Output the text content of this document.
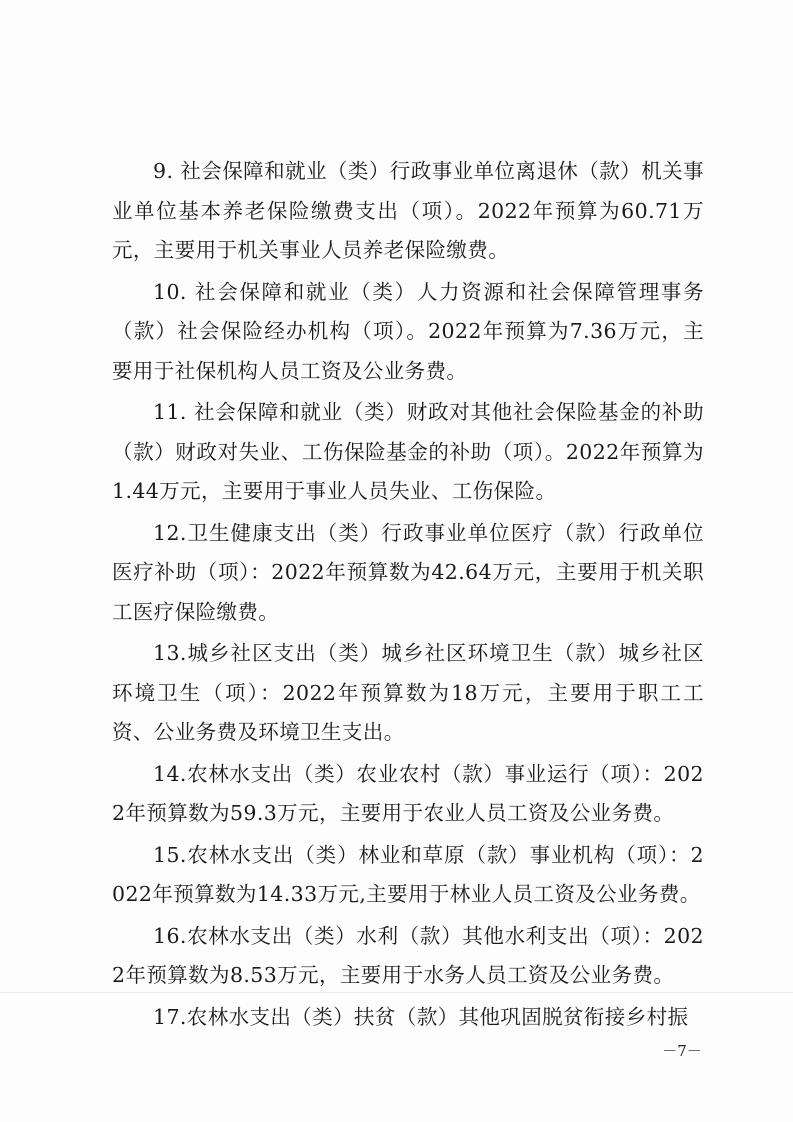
9. 社会保障和就业（类）行政事业单位离退休（款）机关事业单位基本养老保险缴费支出（项）。2022年预算为60.71万元，主要用于机关事业人员养老保险缴费。

10. 社会保障和就业（类）人力资源和社会保障管理事务（款）社会保险经办机构（项）。2022年预算为7.36万元，主要用于社保机构人员工资及公业务费。

11. 社会保障和就业（类）财政对其他社会保险基金的补助（款）财政对失业、工伤保险基金的补助（项）。2022年预算为1.44万元，主要用于事业人员失业、工伤保险。

12.卫生健康支出（类）行政事业单位医疗（款）行政单位医疗补助（项）：2022年预算数为42.64万元，主要用于机关职工医疗保险缴费。

13.城乡社区支出（类）城乡社区环境卫生（款）城乡社区环境卫生（项）：2022年预算数为18万元，主要用于职工工资、公业务费及环境卫生支出。

14.农林水支出（类）农业农村（款）事业运行（项）：2022年预算数为59.3万元，主要用于农业人员工资及公业务费。

15.农林水支出（类）林业和草原（款）事业机构（项）：2022年预算数为14.33万元,主要用于林业人员工资及公业务费。

16.农林水支出（类）水利（款）其他水利支出（项）：2022年预算数为8.53万元，主要用于水务人员工资及公业务费。

17.农林水支出（类）扶贫（款）其他巩固脱贫衔接乡村振

－7－
